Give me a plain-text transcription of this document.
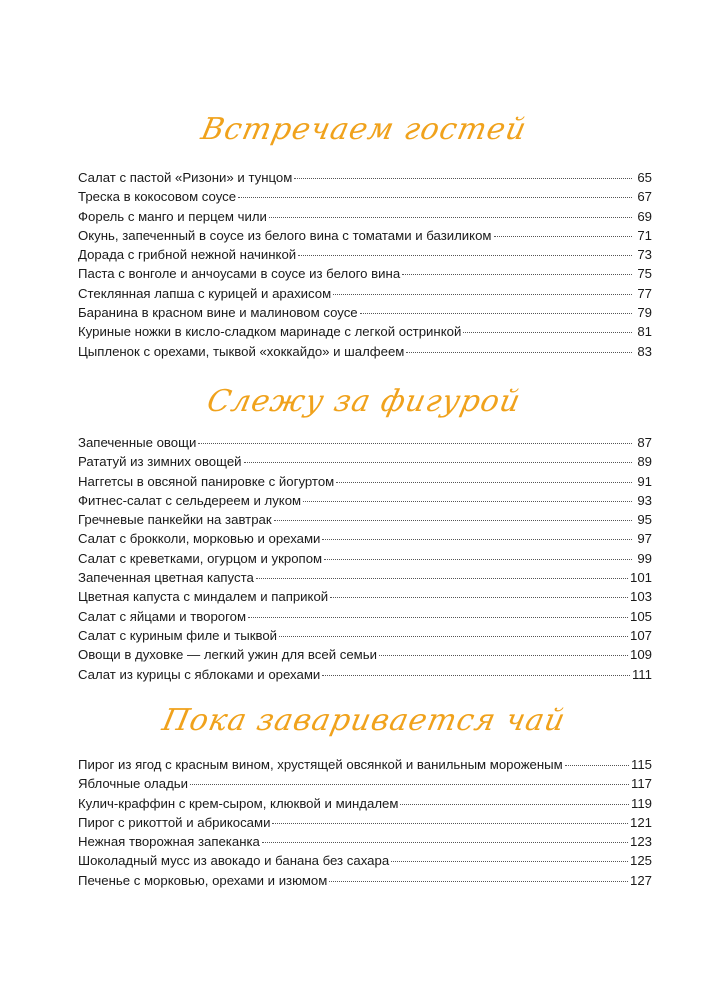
Встречаем гостей
Салат с пастой «Ризони» и тунцом	65
Треска в кокосовом соусе	67
Форель с манго и перцем чили	69
Окунь, запеченный в соусе из белого вина с томатами и базиликом	71
Дорада с грибной нежной начинкой	73
Паста с вонголе и анчоусами в соусе из белого вина	75
Стеклянная лапша с курицей и арахисом	77
Баранина в красном вине и малиновом соусе	79
Куриные ножки в кисло-сладком маринаде с легкой остринкой	81
Цыпленок с орехами, тыквой «хоккайдо» и шалфеем	83
Слежу за фигурой
Запеченные овощи	87
Рататуй из зимних овощей	89
Наггетсы в овсяной панировке с йогуртом	91
Фитнес-салат с сельдереем и луком	93
Гречневые панкейки на завтрак	95
Салат с брокколи, морковью и орехами	97
Салат с креветками, огурцом и укропом	99
Запеченная цветная капуста	101
Цветная капуста с миндалем и паприкой	103
Салат с яйцами и творогом	105
Салат с куриным филе и тыквой	107
Овощи в духовке — легкий ужин для всей семьи	109
Салат из курицы с яблоками и орехами	111
Пока заваривается чай
Пирог из ягод с красным вином, хрустящей овсянкой и ванильным мороженым	115
Яблочные оладьи	117
Кулич-краффин с крем-сыром, клюквой и миндалем	119
Пирог с рикоттой и абрикосами	121
Нежная творожная запеканка	123
Шоколадный мусс из авокадо и банана без сахара	125
Печенье с морковью, орехами и изюмом	127
